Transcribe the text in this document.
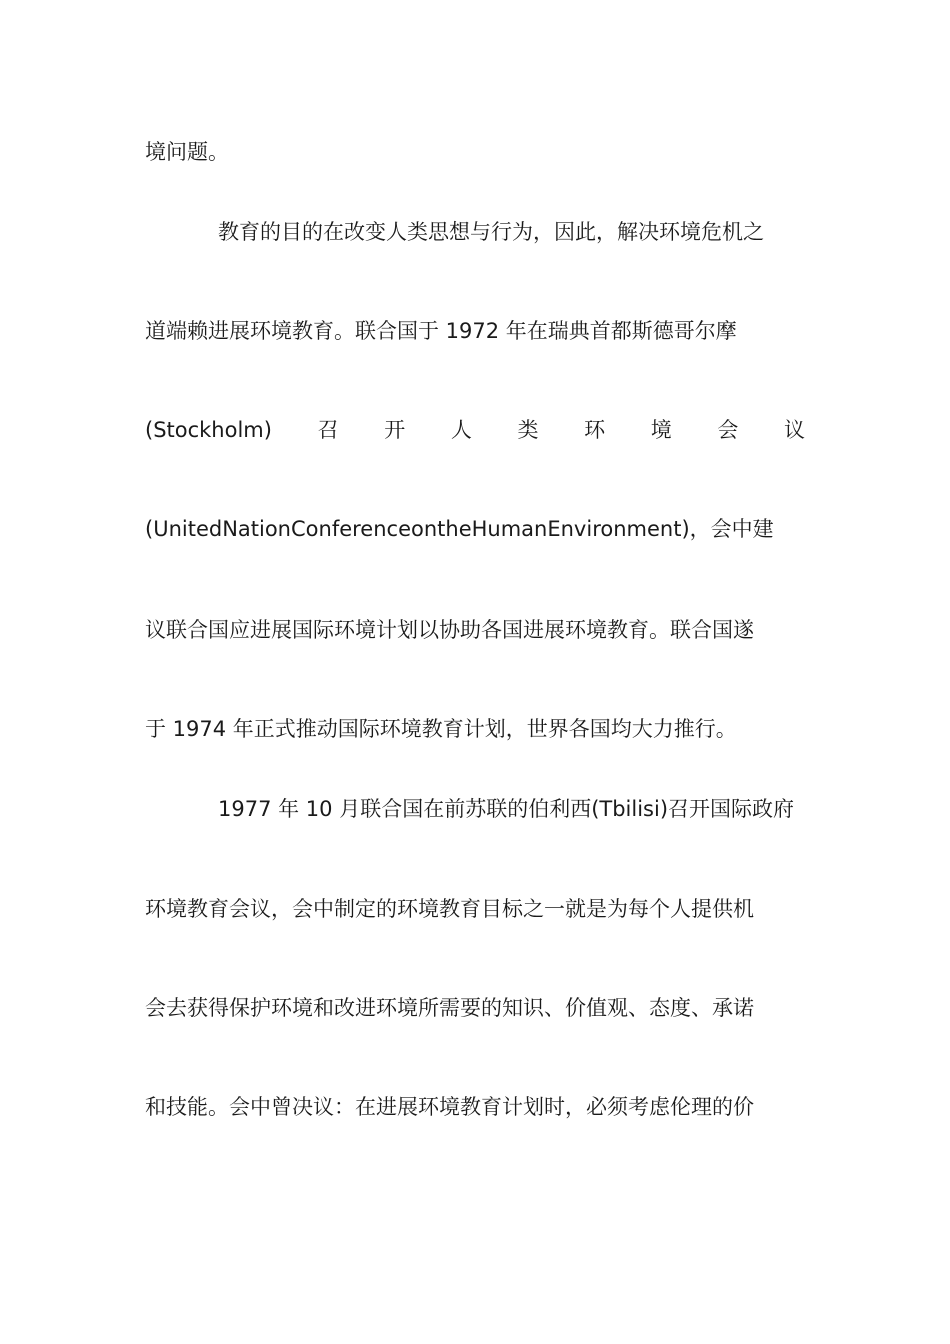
境问题。
教育的目的在改变人类思想与行为，因此，解决环境危机之
道端赖进展环境教育。联合国于 1972 年在瑞典首都斯德哥尔摩
(Stockholm) 召 开 人 类 环 境 会 议
(UnitedNationConferenceontheHumanEnvironment)，会中建
议联合国应进展国际环境计划以协助各国进展环境教育。联合国遂
于 1974 年正式推动国际环境教育计划，世界各国均大力推行。
1977 年 10 月联合国在前苏联的伯利西(Tbilisi)召开国际政府
环境教育会议，会中制定的环境教育目标之一就是为每个人提供机
会去获得保护环境和改进环境所需要的知识、价值观、态度、承诺
和技能。会中曾决议：在进展环境教育计划时，必须考虑伦理的价
